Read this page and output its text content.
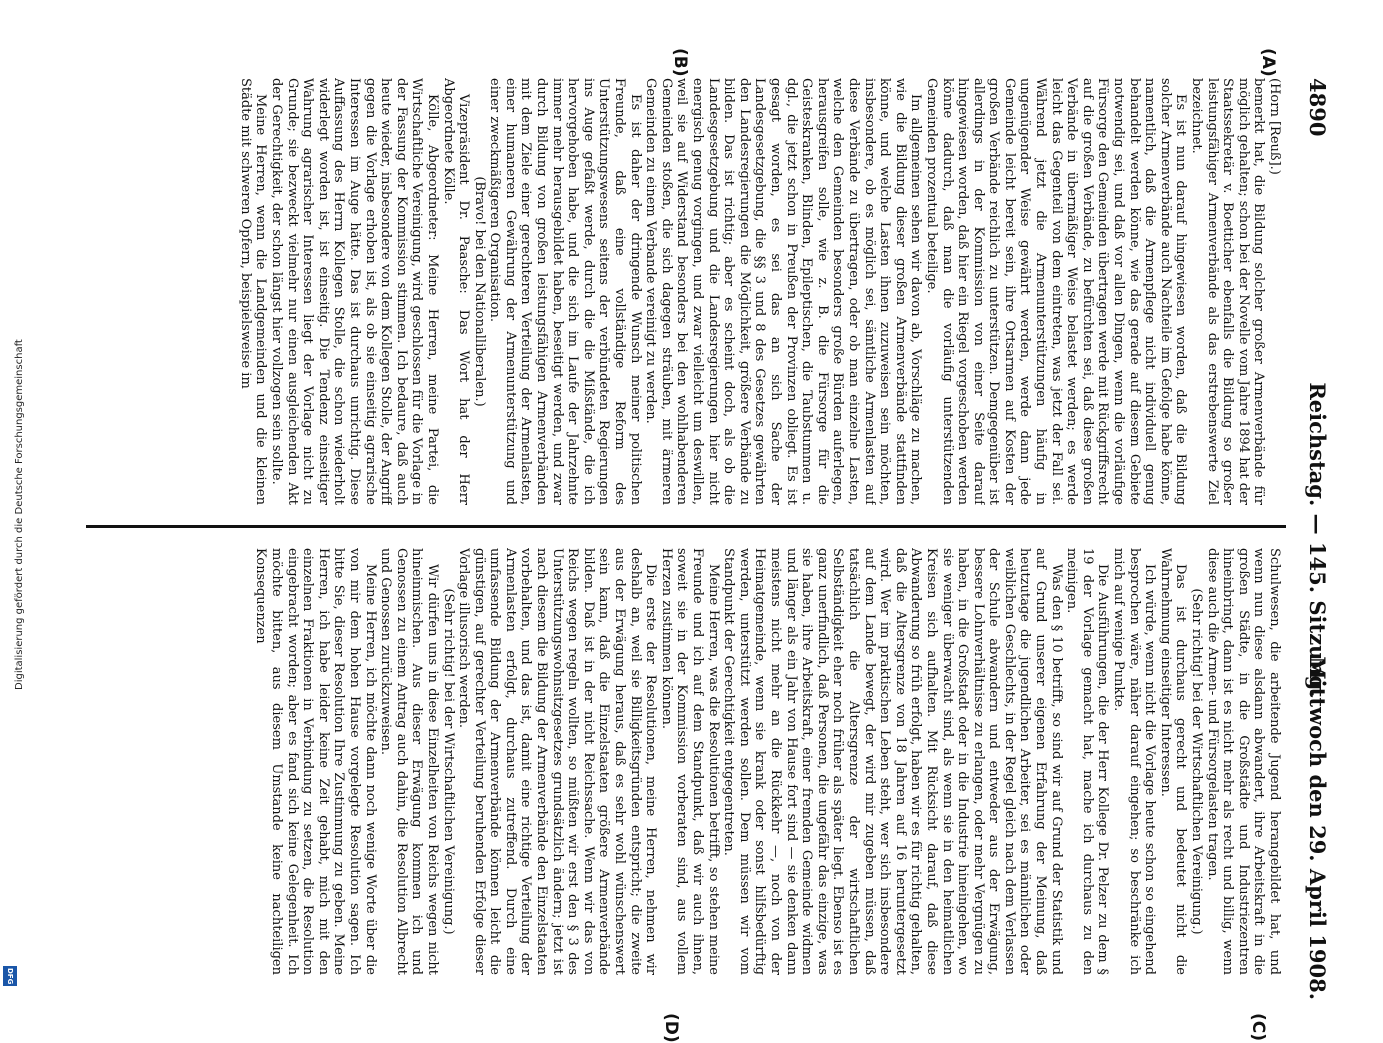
Digitalisierung gefördert durch die Deutsche Forschungsgemeinschaft
DFG
4890
Reichstag. — 145. Sitzung.
Mittwoch den 29. April 1908.
(A)
(B)
(C)
(D)

(Horn [Reuß].)

bemerkt hat, die Bildung solcher großer Armenverbände für möglich gehalten; schon bei der Novelle vom Jahre 1894 hat der Staatssekretär v. Boetticher ebenfalls die Bildung so großer leistungsfähiger Armenverbände als das erstrebenswerte Ziel bezeichnet.

Es ist nun darauf hingewiesen worden, daß die Bildung solcher Armenverbände auch Nachteile im Gefolge habe könne, namentlich, daß die Armenpflege nicht individuell genug behandelt werden könne, wie das gerade auf diesem Gebiete notwendig sei, und daß vor allen Dingen, wenn die vorläufige Fürsorge den Gemeinden übertragen werde mit Rückgriffsrecht auf die großen Verbände, zu befürchten sei, daß diese großen Verbände in übermäßiger Weise belastet werden; es werde leicht das Gegenteil von dem eintreten, was jetzt der Fall sei. Während jetzt die Armenunterstützungen häufig in ungenügender Weise gewährt werden, werde dann jede Gemeinde leicht bereit sein, ihre Ortsarmen auf Kosten der großen Verbände reichlich zu unterstützen. Demgegenüber ist allerdings in der Kommission von einer Seite darauf hingewiesen worden, daß hier ein Riegel vorgeschoben werden könne dadurch, daß man die vorläufig unterstützenden Gemeinden prozentual beteilige.

Im allgemeinen sehen wir davon ab, Vorschläge zu machen, wie die Bildung dieser großen Armenverbände stattfinden könne, und welche Lasten ihnen zuzuweisen sein möchten, insbesondere, ob es möglich sei, sämtliche Armenlasten auf diese Verbände zu übertragen, oder ob man einzelne Lasten, welche den Gemeinden besonders große Bürden auferlegen, herausgreifen solle, wie z. B. die Fürsorge für die Geisteskranken, Blinden, Epileptischen, die Taubstummen u. dgl., die jetzt schon in Preußen der Provinzen obliegt. Es ist gesagt worden, es sei das an sich Sache der Landesgesetzgebung, die §§ 3 und 8 des Gesetzes gewährten den Landesregierungen die Möglichkeit, größere Verbände zu bilden. Das ist richtig; aber es scheint doch, als ob die Landesgesetzgebung und die Landesregierungen hier nicht energisch genug vorgingen, und zwar vielleicht um deswillen, weil sie auf Widerstand besonders bei den wohlhabenderen Gemeinden stoßen, die sich dagegen sträuben, mit ärmeren Gemeinden zu einem Verbande vereinigt zu werden.

Es ist daher der dringende Wunsch meiner politischen Freunde, daß eine vollständige Reform des Unterstützungswesens seitens der verbündeten Regierungen ins Auge gefaßt werde, durch die die Mißstände, die ich hervorgehoben habe, und die sich im Laufe der Jahrzehnte immer mehr herausgebildet haben, beseitigt werden, und zwar durch Bildung von großen leistungsfähigen Armenverbänden mit dem Ziele einer gerechteren Verteilung der Armenlasten, einer humaneren Gewährung der Armenunterstützung und einer zweckmäßigeren Organisation.

(Bravo! bei den Nationalliberalen.)

Vizepräsident Dr. Paasche: Das Wort hat der Herr Abgeordnete Kölle.

Kölle, Abgeordneter: Meine Herren, meine Partei, die Wirtschaftliche Vereinigung, wird geschlossen für die Vorlage in der Fassung der Kommission stimmen. Ich bedaure, daß auch heute wieder, insbesondere von dem Kollegen Stolle, der Angriff gegen die Vorlage erhoben ist, als ob sie einseitig agrarische Interessen im Auge hätte. Das ist durchaus unrichtig. Diese Auffassung des Herrn Kollegen Stolle, die schon wiederholt widerlegt worden ist, ist einseitig. Die Tendenz einseitiger Wahrung agrarischer Interessen liegt der Vorlage nicht zu Grunde; sie bezweckt vielmehr nur einen ausgleichenden Akt der Gerechtigkeit, der schon längst hier vollzogen sein sollte.

Meine Herren, wenn die Landgemeinden und die kleinen Städte mit schweren Opfern, beispielsweise im

Schulwesen, die arbeitende Jugend herangebildet hat, und wenn nun diese alsdann abwandert, ihre Arbeitskraft in die großen Städte, in die Großstädte und Industriezentren hineinbringt, dann ist es nicht mehr als recht und billig, wenn diese auch die Armen- und Fürsorgelasten tragen.

(Sehr richtig! bei der Wirtschaftlichen Vereinigung.)

Das ist durchaus gerecht und bedeutet nicht die Wahrnehmung einseitiger Interessen.

Ich würde, wenn nicht die Vorlage heute schon so eingehend besprochen wäre, näher darauf eingehen; so beschränke ich mich auf wenige Punkte.

Die Ausführungen, die der Herr Kollege Dr. Pelzer zu dem § 19 der Vorlage gemacht hat, mache ich durchaus zu den meinigen.

Was den § 10 betrifft, so sind wir auf Grund der Statistik und auf Grund unserer eigenen Erfahrung der Meinung, daß heutzutage die jugendlichen Arbeiter, sei es männlichen oder weiblichen Geschlechts, in der Regel gleich nach dem Verlassen der Schule abwandern und entweder aus der Erwägung, bessere Lohnverhältnisse zu erlangen, oder mehr Vergnügen zu haben, in die Großstadt oder in die Industrie hineingehen, wo sie weniger überwacht sind, als wenn sie in den heimatlichen Kreisen sich aufhalten. Mit Rücksicht darauf, daß diese Abwanderung so früh erfolgt, haben wir es für richtig gehalten, daß die Altersgrenze von 18 Jahren auf 16 heruntergesetzt wird. Wer im praktischen Leben steht, wer sich insbesondere auf dem Lande bewegt, der wird mir zugeben müssen, daß tatsächlich die Altersgrenze der wirtschaftlichen Selbständigkeit eher noch früher als später liegt. Ebenso ist es ganz unerfindlich, daß Personen, die ungefähr das einzige, was sie haben, ihre Arbeitskraft, einer fremden Gemeinde widmen und länger als ein Jahr von Hause fort sind — sie denken dann meistens nicht mehr an die Rückkehr —, noch von der Heimatgemeinde, wenn sie krank oder sonst hilfsbedürftig werden, unterstützt werden sollen. Dem müssen wir vom Standpunkt der Gerechtigkeit entgegentreten.

Meine Herren, was die Resolutionen betrifft, so stehen meine Freunde und ich auf dem Standpunkt, daß wir auch ihnen, soweit sie in der Kommission vorberaten sind, aus vollem Herzen zustimmen können.

Die erste der Resolutionen, meine Herren, nehmen wir deshalb an, weil sie Billigkeitsgründen entspricht; die zweite aus der Erwägung heraus, daß es sehr wohl wünschenswert sein kann, daß die Einzelstaaten größere Armenverbände bilden. Daß ist in der nicht Reichssache. Wenn wir das von Reichs wegen regeln wollten, so müßten wir erst den § 3 des Unterstützungswohnsitzgesetzes grundsätzlich ändern; jetzt ist nach diesem die Bildung der Armenverbände den Einzelstaaten vorbehalten, und das ist, damit eine richtige Verteilung der Armenlasten erfolgt, durchaus zutreffend. Durch eine umfassende Bildung der Armenverbände können leicht die günstigen, auf gerechter Verteilung beruhenden Erfolge dieser Vorlage illusorisch werden.

(Sehr richtig! bei der Wirtschaftlichen Vereinigung.)

Wir dürfen uns in diese Einzelheiten von Reichs wegen nicht hineinmischen. Aus dieser Erwägung kommen ich und Genossen zu einem Antrag auch dahin, die Resolution Albrecht und Genossen zurückzuweisen.

Meine Herren, ich möchte dann noch wenige Worte über die von mir dem hohen Hause vorgelegte Resolution sagen. Ich bitte Sie, dieser Resolution Ihre Zustimmung zu geben. Meine Herren, ich habe leider keine Zeit gehabt, mich mit den einzelnen Fraktionen in Verbindung zu setzen, die Resolution eingebracht worden; aber es fand sich keine Gelegenheit. Ich möchte bitten, aus diesem Umstande keine nachteiligen Konsequenzen
